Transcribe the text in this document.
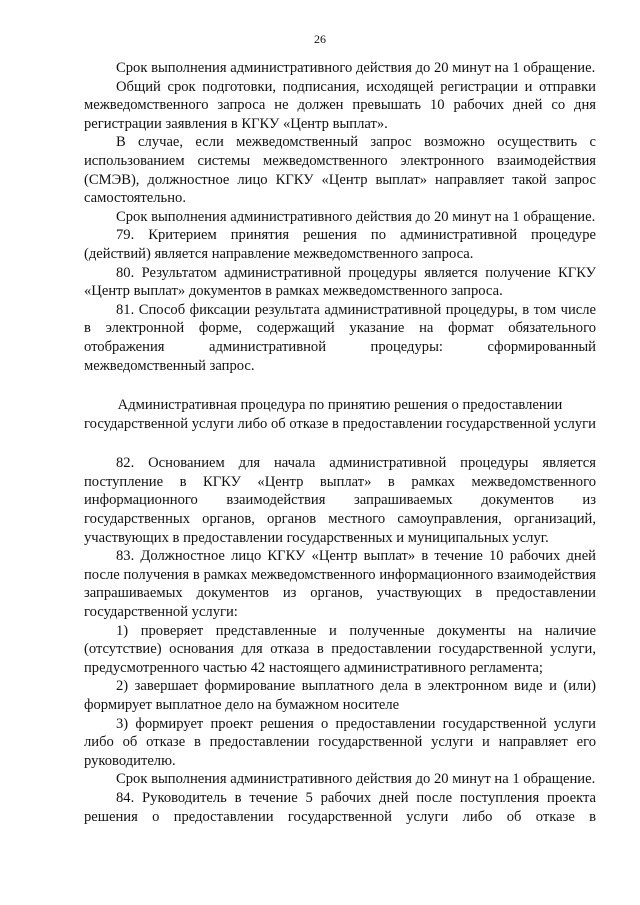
26

Срок выполнения административного действия до 20 минут на 1 обращение.

Общий срок подготовки, подписания, исходящей регистрации и отправки межведомственного запроса не должен превышать 10 рабочих дней со дня регистрации заявления в КГКУ «Центр выплат».

В случае, если межведомственный запрос возможно осуществить с использованием системы межведомственного электронного взаимодействия (СМЭВ), должностное лицо КГКУ «Центр выплат» направляет такой запрос самостоятельно.

Срок выполнения административного действия до 20 минут на 1 обращение.

79. Критерием принятия решения по административной процедуре (действий) является направление межведомственного запроса.

80. Результатом административной процедуры является получение КГКУ «Центр выплат» документов в рамках межведомственного запроса.

81. Способ фиксации результата административной процедуры, в том числе в электронной форме, содержащий указание на формат обязательного отображения административной процедуры: сформированный межведомственный запрос.

Административная процедура по принятию решения о предоставлении государственной услуги либо об отказе в предоставлении государственной услуги

82. Основанием для начала административной процедуры является поступление в КГКУ «Центр выплат» в рамках межведомственного информационного взаимодействия запрашиваемых документов из государственных органов, органов местного самоуправления, организаций, участвующих в предоставлении государственных и муниципальных услуг.

83. Должностное лицо КГКУ «Центр выплат» в течение 10 рабочих дней после получения в рамках межведомственного информационного взаимодействия запрашиваемых документов из органов, участвующих в предоставлении государственной услуги:

1) проверяет представленные и полученные документы на наличие (отсутствие) основания для отказа в предоставлении государственной услуги, предусмотренного частью 42 настоящего административного регламента;

2) завершает формирование выплатного дела в электронном виде и (или) формирует выплатное дело на бумажном носителе

3) формирует проект решения о предоставлении государственной услуги либо об отказе в предоставлении государственной услуги и направляет его руководителю.

Срок выполнения административного действия до 20 минут на 1 обращение.

84. Руководитель в течение 5 рабочих дней после поступления проекта решения о предоставлении государственной услуги либо об отказе в
